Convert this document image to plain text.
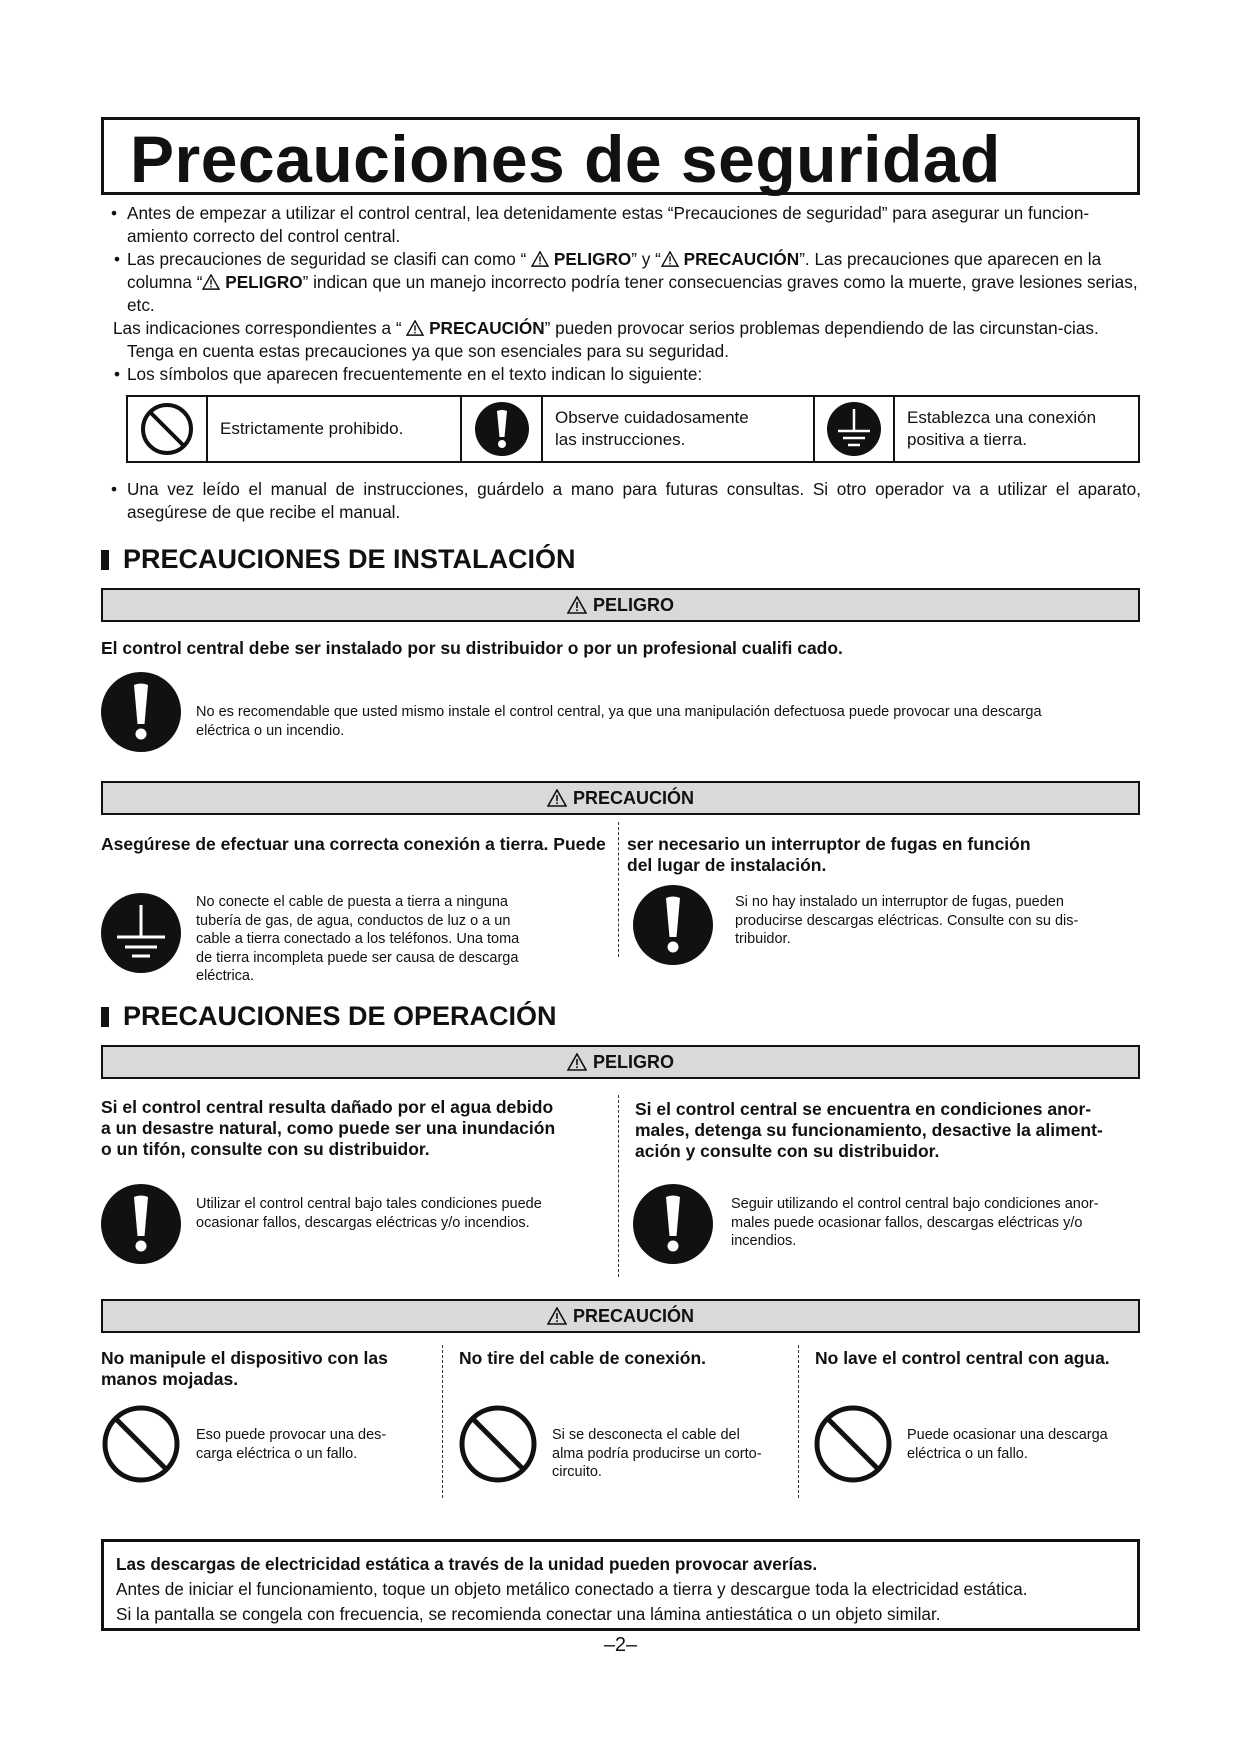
Precauciones de seguridad

• Antes de empezar a utilizar el control central, lea detenidamente estas “Precauciones de seguridad” para asegurar un funcion-amiento correcto del control central.

• Las precauciones de seguridad se clasifi can como “  PELIGRO” y “ PRECAUCIÓN”. Las precauciones que aparecen en la columna “ PELIGRO” indican que un manejo incorrecto podría tener consecuencias graves como la muerte, grave lesiones serias, etc.

Las indicaciones correspondientes a “  PRECAUCIÓN” pueden provocar serios problemas dependiendo de las circunstan-cias. Tenga en cuenta estas precauciones ya que son esenciales para su seguridad.

• Los símbolos que aparecen frecuentemente en el texto indican lo siguiente:

Estrictamente prohibido.
Observe cuidadosamente
las instrucciones.
Establezca una conexión
positiva a tierra.

• Una vez leído el manual de instrucciones, guárdelo a mano para futuras consultas. Si otro operador va a utilizar el aparato, asegúrese de que recibe el manual.

PRECAUCIONES DE INSTALACIÓN
PELIGRO
El control central debe ser instalado por su distribuidor o por un profesional cualifi cado.
No es recomendable que usted mismo instale el control central, ya que una manipulación defectuosa puede provocar una descarga
eléctrica o un incendio.
PRECAUCIÓN
Asegúrese de efectuar una correcta conexión a tierra. Puede ser necesario un interruptor de fugas en función
del lugar de instalación.
No conecte el cable de puesta a tierra a ninguna
tubería de gas, de agua, conductos de luz o a un
cable a tierra conectado a los teléfonos. Una toma
de tierra incompleta puede ser causa de descarga
eléctrica.
Si no hay instalado un interruptor de fugas, pueden
producirse descargas eléctricas. Consulte con su dis-
tribuidor.
PRECAUCIONES DE OPERACIÓN
PELIGRO
Si el control central resulta dañado por el agua debido
a un desastre natural, como puede ser una inundación
o un tifón, consulte con su distribuidor.
Si el control central se encuentra en condiciones anor-
males, detenga su funcionamiento, desactive la aliment-
ación y consulte con su distribuidor.
Utilizar el control central bajo tales condiciones puede
ocasionar fallos, descargas eléctricas y/o incendios.
Seguir utilizando el control central bajo condiciones anor-
males puede ocasionar fallos, descargas eléctricas y/o
incendios.
PRECAUCIÓN
No manipule el dispositivo con las
manos mojadas.
No tire del cable de conexión.	No lave el control central con agua.
Eso puede provocar una des-
carga eléctrica o un fallo.
Si se desconecta el cable del
alma podría producirse un corto-
circuito.
Puede ocasionar una descarga
eléctrica o un fallo.

Las descargas de electricidad estática a través de la unidad pueden provocar averías.

Antes de iniciar el funcionamiento, toque un objeto metálico conectado a tierra y descargue toda la electricidad estática.

Si la pantalla se congela con frecuencia, se recomienda conectar una lámina antiestática o un objeto similar.

–2–
